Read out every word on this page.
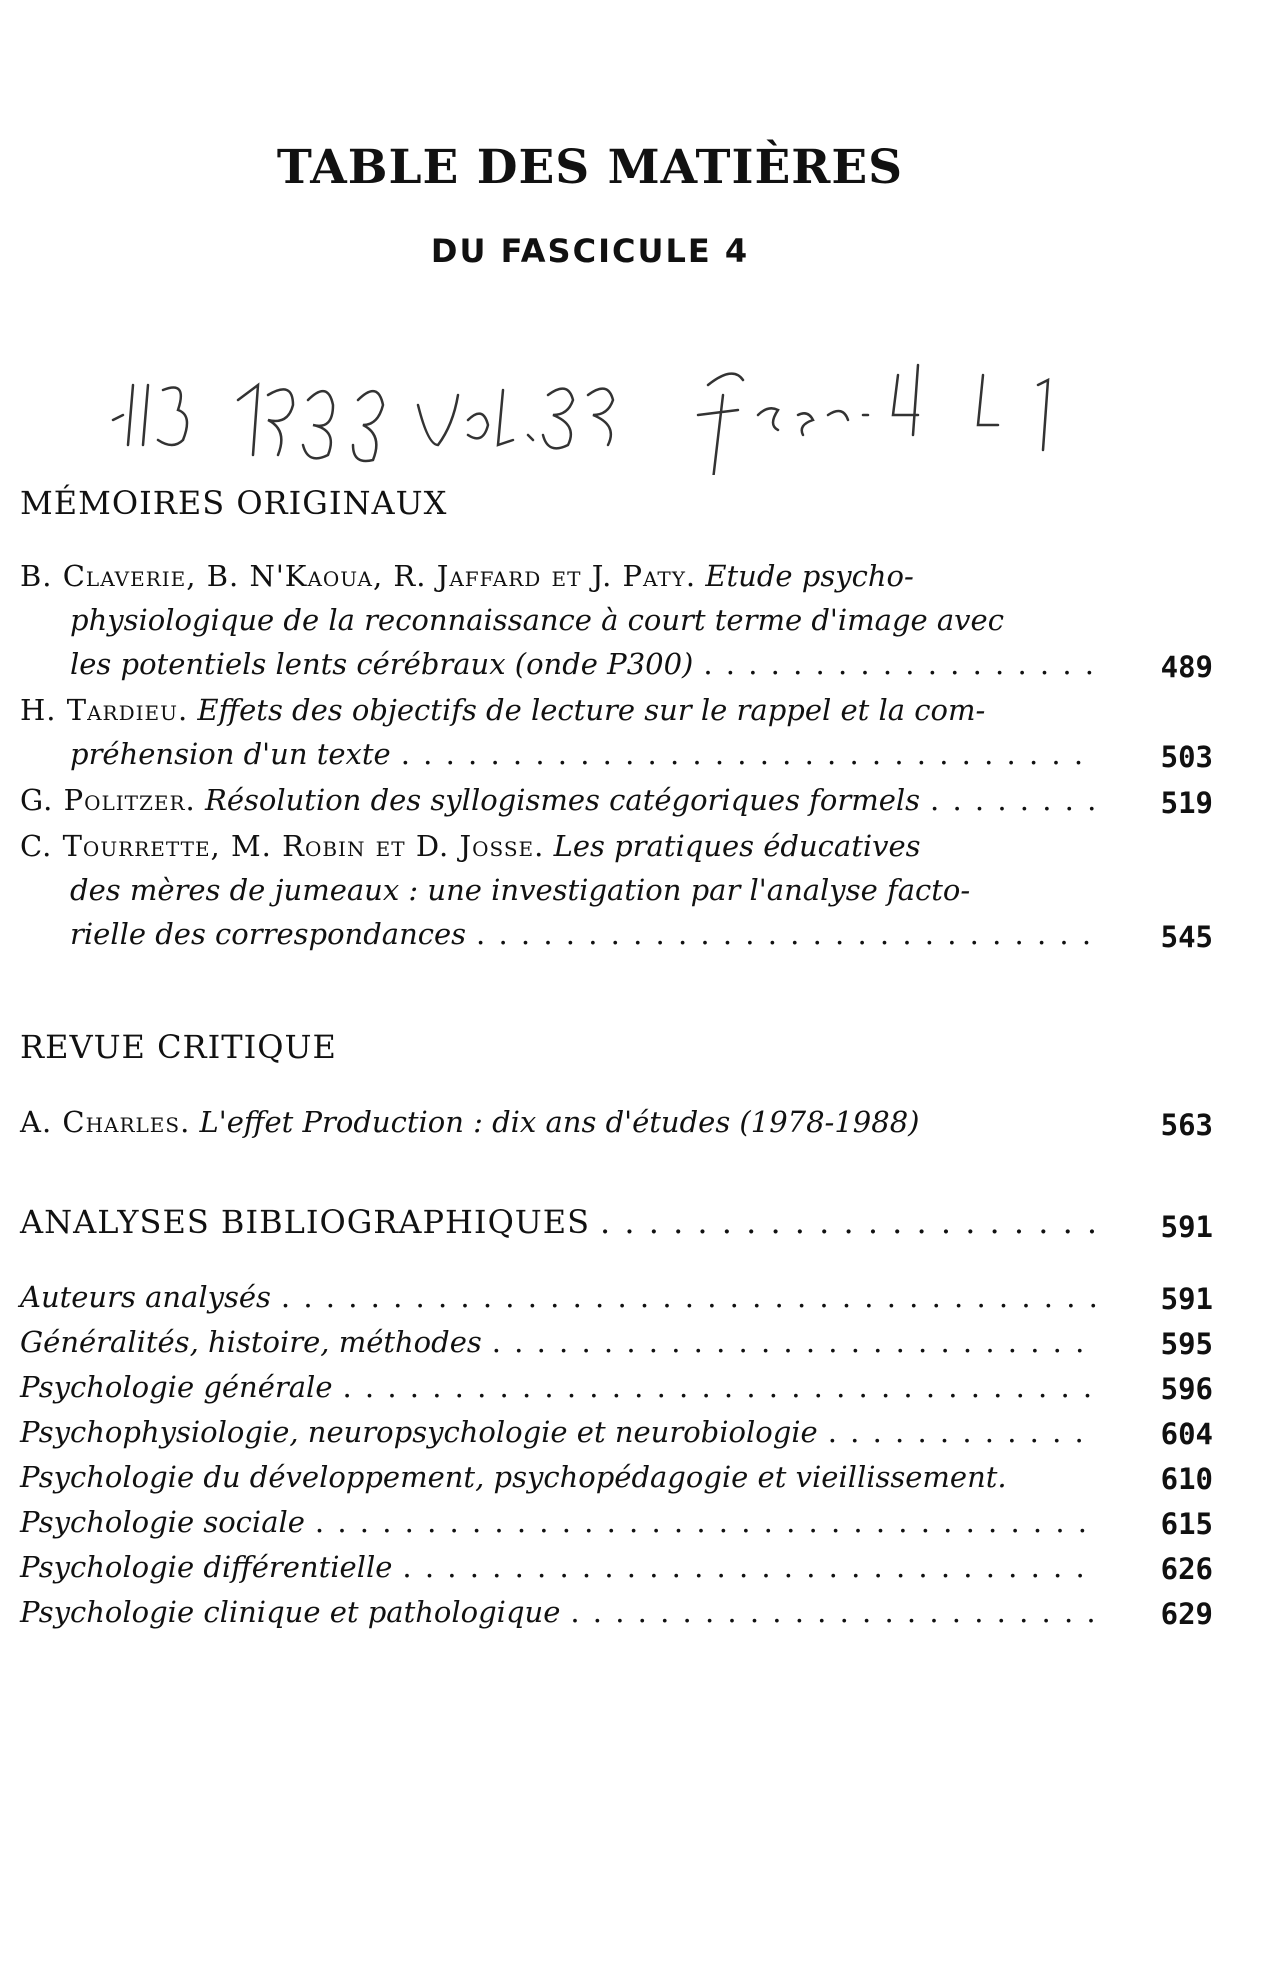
TABLE DES MATIÈRES
DU FASCICULE 4
MÉMOIRES ORIGINAUX
B. Claverie, B. N'Kaoua, R. Jaffard et J. Paty.
Etude psycho-
physiologique de la reconnaissance à court terme d'image avec
les potentiels lents cérébraux (onde P300) . . .	489
H. Tardieu.
Effets des objectifs de lecture sur le rappel et la com-
préhension d'un texte . . .	503
G. Politzer.
Résolution des syllogismes catégoriques formels . . .	519
C. Tourrette, M. Robin et D. Josse.
Les pratiques éducatives
des mères de jumeaux : une investigation par l'analyse facto-
rielle des correspondances . . .	545
REVUE CRITIQUE
A. Charles.
L'effet Production : dix ans d'études (1978-1988)	563
ANALYSES BIBLIOGRAPHIQUES . . .	591
Auteurs analysés . . .	591
Généralités, histoire, méthodes . . .	595
Psychologie générale . . .	596
Psychophysiologie, neuropsychologie et neurobiologie . . .	604
Psychologie du développement, psychopédagogie et vieillissement.	610
Psychologie sociale . . .	615
Psychologie différentielle . . .	626
Psychologie clinique et pathologique . . .	629
